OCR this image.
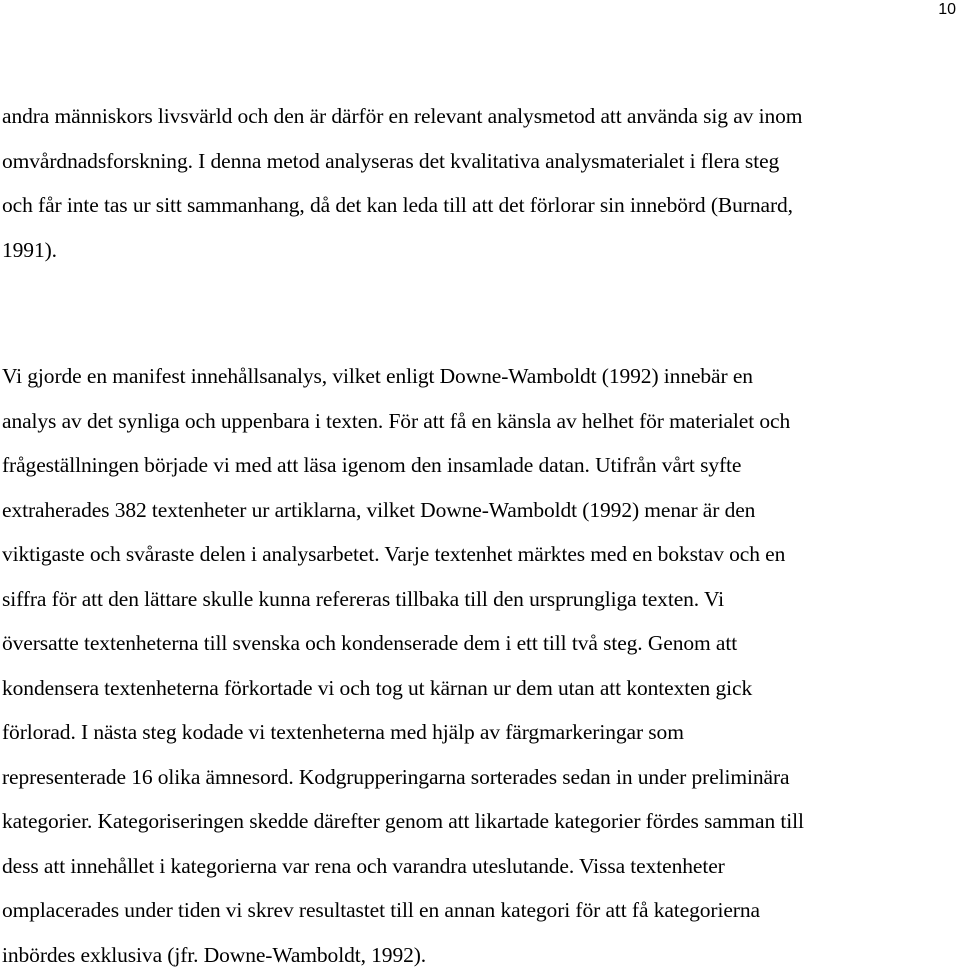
10

andra människors livsvärld och den är därför en relevant analysmetod att använda sig av inom
omvårdnadsforskning. I denna metod analyseras det kvalitativa analysmaterialet i flera steg
och får inte tas ur sitt sammanhang, då det kan leda till att det förlorar sin innebörd (Burnard,
1991).

Vi gjorde en manifest innehållsanalys, vilket enligt Downe-Wamboldt (1992) innebär en
analys av det synliga och uppenbara i texten. För att få en känsla av helhet för materialet och
frågeställningen började vi med att läsa igenom den insamlade datan. Utifrån vårt syfte
extraherades 382 textenheter ur artiklarna, vilket Downe-Wamboldt (1992) menar är den
viktigaste och svåraste delen i analysarbetet. Varje textenhet märktes med en bokstav och en
siffra för att den lättare skulle kunna refereras tillbaka till den ursprungliga texten. Vi
översatte textenheterna till svenska och kondenserade dem i ett till två steg. Genom att
kondensera textenheterna förkortade vi och tog ut kärnan ur dem utan att kontexten gick
förlorad. I nästa steg kodade vi textenheterna med hjälp av färgmarkeringar som
representerade 16 olika ämnesord. Kodgrupperingarna sorterades sedan in under preliminära
kategorier. Kategoriseringen skedde därefter genom att likartade kategorier fördes samman till
dess att innehållet i kategorierna var rena och varandra uteslutande. Vissa textenheter
omplacerades under tiden vi skrev resultastet till en annan kategori för att få kategorierna
inbördes exklusiva (jfr. Downe-Wamboldt, 1992).
